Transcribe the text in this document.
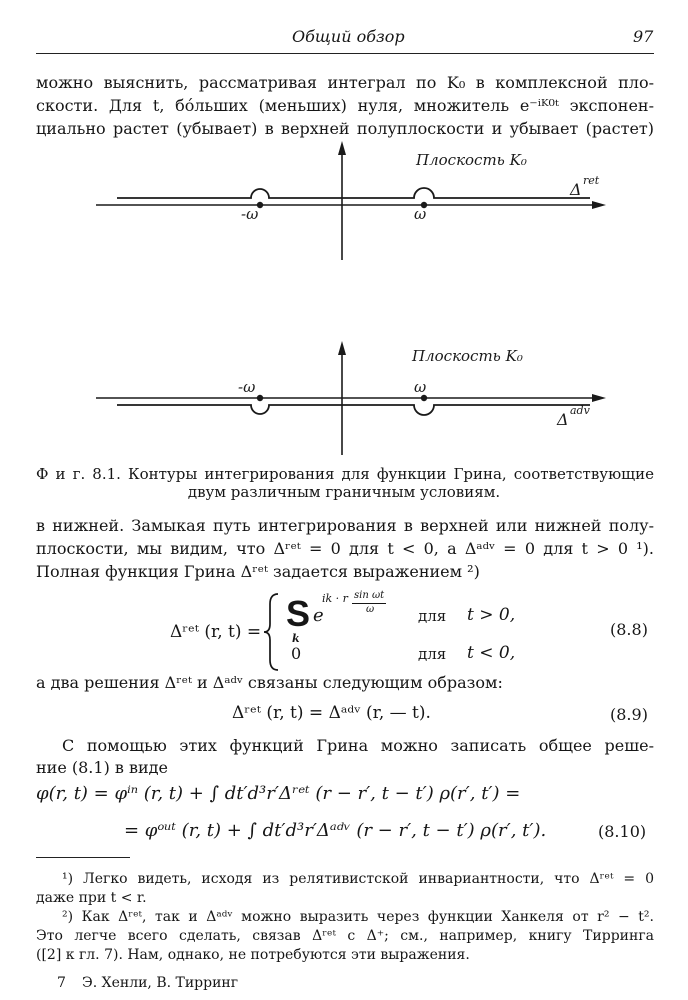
Общий обзор	97
можно выяснить, рассматривая интеграл по K₀ в комплексной пло-
скости. Для t, бо́льших (меньших) нуля, множитель e⁻ⁱᴷ⁰ᵗ экспонен-
циально растет (убывает) в верхней полуплоскости и убывает (растет)
-ω	ω
Плоскость K₀
Δ ret
-ω	ω
Плоскость K₀
Δ adv
Ф и г. 8.1. Контуры интегрирования для функции Грина, соответствующие
двум различным граничным условиям.
в нижней. Замыкая путь интегрирования в верхней или нижней полу-
плоскости, мы видим, что Δʳᵉᵗ = 0 для t < 0, а Δᵃᵈᵛ = 0 для t > 0 ¹).
Полная функция Грина Δʳᵉᵗ задается выражением ²)
Δʳᵉᵗ (r, t) = S
k
e
ik · r sin ωt
ω	для t > 0,
0	для t < 0,
(8.8)
а два решения Δʳᵉᵗ и Δᵃᵈᵛ связаны следующим образом:
Δʳᵉᵗ (r, t) = Δᵃᵈᵛ (r, — t).	(8.9)
С помощью этих функций Грина можно записать общее реше-
ние (8.1) в виде
φ(r, t) = φⁱⁿ (r, t) + ∫ dt′d³r′Δʳᵉᵗ (r − r′, t − t′) ρ(r′, t′) =
= φᵒᵘᵗ (r, t) + ∫ dt′d³r′Δᵃᵈᵛ (r − r′, t − t′) ρ(r′, t′).	(8.10)
¹) Легко видеть, исходя из релятивистской инвариантности, что Δʳᵉᵗ = 0
даже при t < r.
²) Как Δʳᵉᵗ, так и Δᵃᵈᵛ можно выразить через функции Ханкеля от r² − t².
Это легче всего сделать, связав Δʳᵉᵗ с Δ⁺; см., например, книгу Тирринга
([2] к гл. 7). Нам, однако, не потребуются эти выражения.
7 Э. Хенли, В. Тирринг
